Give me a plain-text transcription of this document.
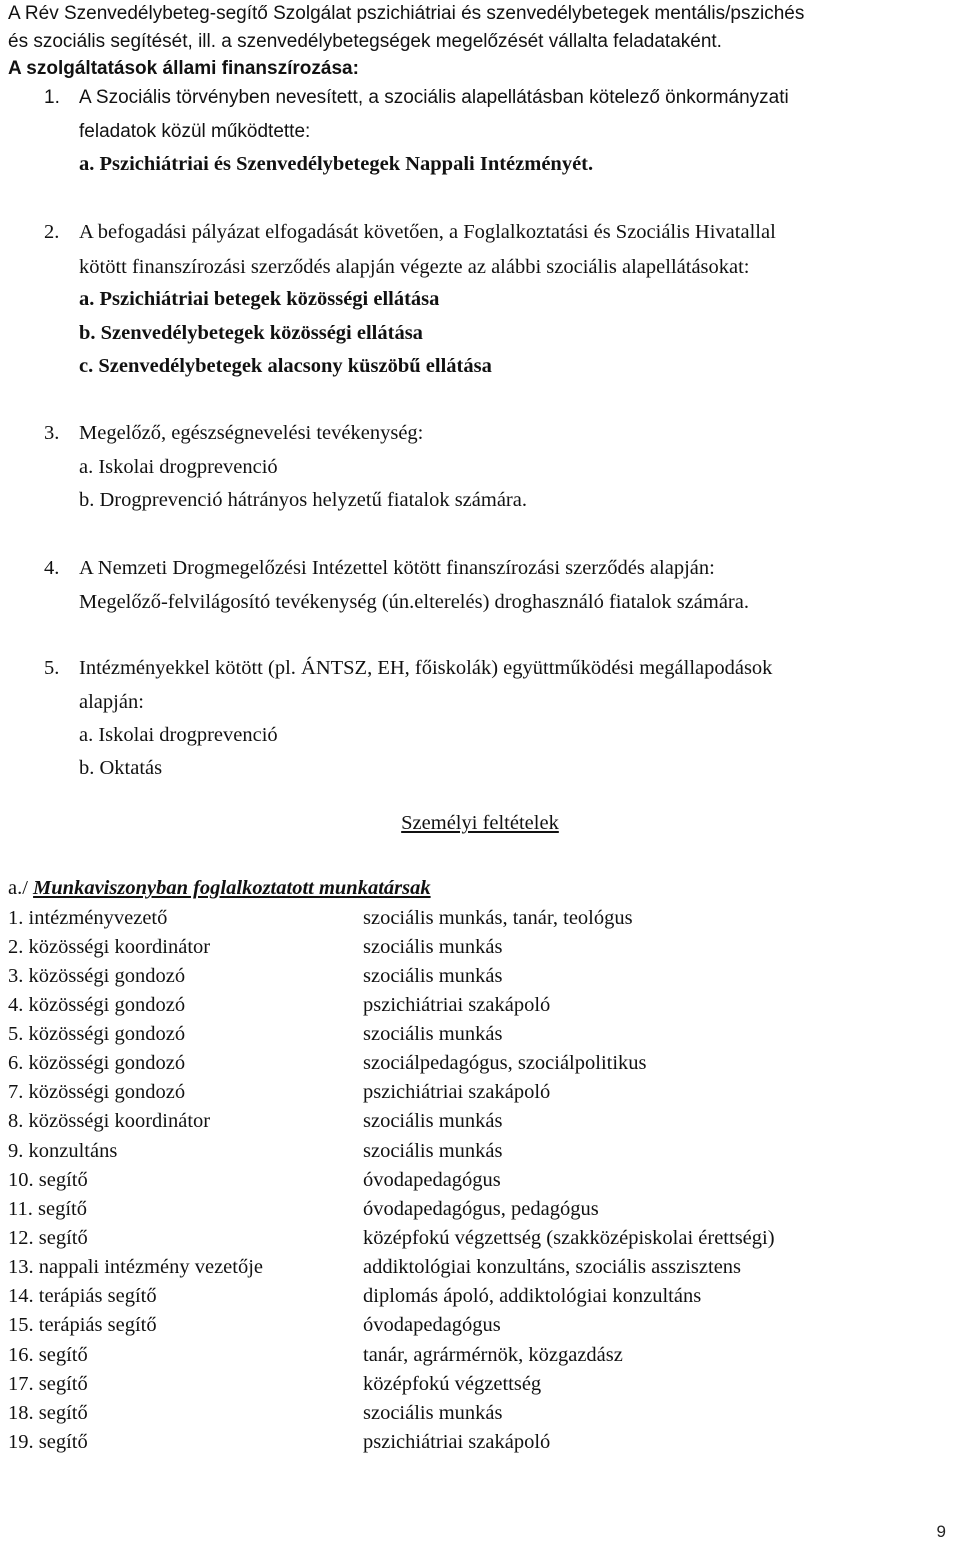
A Rév Szenvedélybeteg-segítő Szolgálat pszichiátriai és szenvedélybetegek mentális/pszichés
és szociális segítését, ill. a szenvedélybetegségek megelőzését vállalta feladataként.
A szolgáltatások állami finanszírozása:
1. A Szociális törvényben nevesített, a szociális alapellátásban kötelező önkormányzati
feladatok közül működtette:
a. Pszichiátriai és Szenvedélybetegek Nappali Intézményét.
2. A befogadási pályázat elfogadását követően, a Foglalkoztatási és Szociális Hivatallal
kötött finanszírozási szerződés alapján végezte az alábbi szociális alapellátásokat:
a. Pszichiátriai betegek közösségi ellátása
b. Szenvedélybetegek közösségi ellátása
c. Szenvedélybetegek alacsony küszöbű ellátása
3. Megelőző, egészségnevelési tevékenység:
a. Iskolai drogprevenció
b. Drogprevenció hátrányos helyzetű fiatalok számára.
4. A Nemzeti Drogmegelőzési Intézettel kötött finanszírozási szerződés alapján:
Megelőző-felvilágosító tevékenység (ún.elterelés) droghasználó fiatalok számára.
5. Intézményekkel kötött (pl. ÁNTSZ, EH, főiskolák) együttműködési megállapodások
alapján:
a. Iskolai drogprevenció
b. Oktatás
Személyi feltételek
a./ Munkaviszonyban foglalkoztatott munkatársak
1. intézményvezető	szociális munkás, tanár, teológus
2. közösségi koordinátor	szociális munkás
3. közösségi gondozó	szociális munkás
4. közösségi gondozó	pszichiátriai szakápoló
5. közösségi gondozó	szociális munkás
6. közösségi gondozó	szociálpedagógus, szociálpolitikus
7. közösségi gondozó	pszichiátriai szakápoló
8. közösségi koordinátor	szociális munkás
9. konzultáns	szociális munkás
10. segítő	óvodapedagógus
11. segítő	óvodapedagógus, pedagógus
12. segítő	középfokú végzettség (szakközépiskolai érettségi)
13. nappali intézmény vezetője	addiktológiai konzultáns, szociális asszisztens
14. terápiás segítő	diplomás ápoló, addiktológiai konzultáns
15. terápiás segítő	óvodapedagógus
16. segítő	tanár, agrármérnök, közgazdász
17. segítő	középfokú végzettség
18. segítő	szociális munkás
19. segítő	pszichiátriai szakápoló
9
